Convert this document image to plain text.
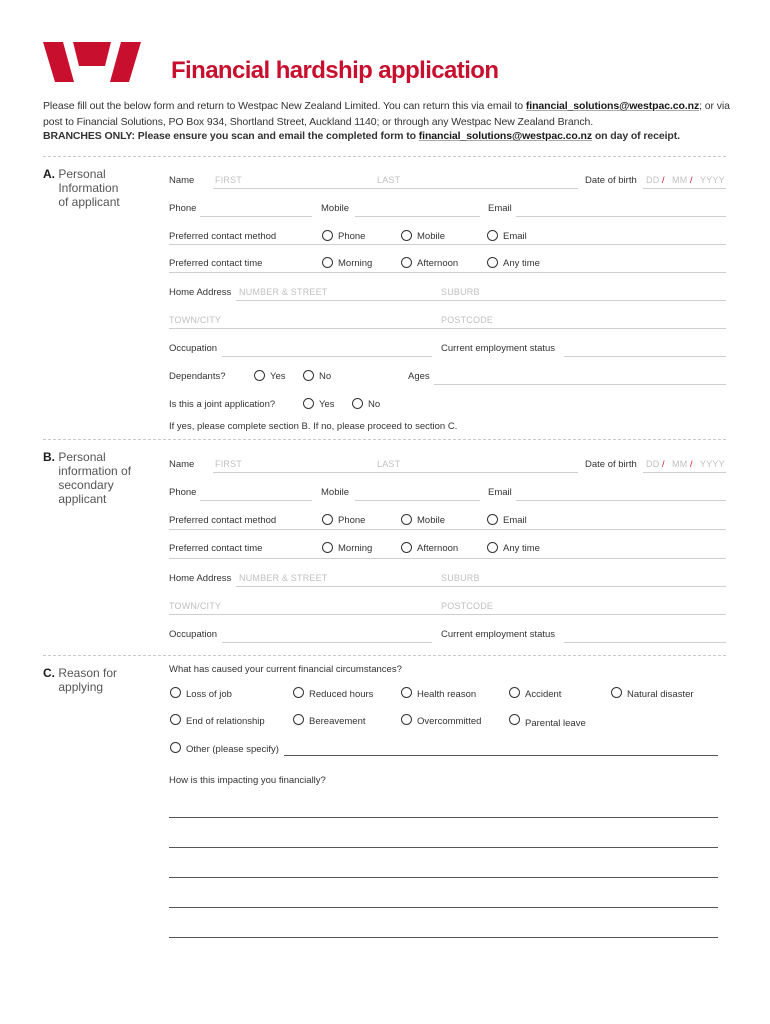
Financial hardship application
Please fill out the below form and return to Westpac New Zealand Limited. You can return this via email to financial_solutions@westpac.co.nz; or via post to Financial Solutions, PO Box 934, Shortland Street, Auckland 1140; or through any Westpac New Zealand Branch.
BRANCHES ONLY: Please ensure you scan and email the completed form to financial_solutions@westpac.co.nz on day of receipt.
A. Personal Information of applicant
Name FIRST	LAST	Date of birth DD / MM / YYYY
Phone	Mobile	Email
Preferred contact method	Phone	Mobile	Email
Preferred contact time	Morning	Afternoon	Any time
Home Address NUMBER & STREET	SUBURB
TOWN/CITY	POSTCODE
Occupation	Current employment status
Dependants?	Yes	No	Ages
Is this a joint application?	Yes	No
If yes, please complete section B. If no, please proceed to section C.
B. Personal information of secondary applicant
Name FIRST	LAST	Date of birth DD / MM / YYYY
Phone	Mobile	Email
Preferred contact method	Phone	Mobile	Email
Preferred contact time	Morning	Afternoon	Any time
Home Address NUMBER & STREET	SUBURB
TOWN/CITY	POSTCODE
Occupation	Current employment status
C. Reason for applying
What has caused your current financial circumstances?
Loss of job	Reduced hours	Health reason	Accident	Natural disaster
End of relationship	Bereavement	Overcommitted	Parental leave
Other (please specify)
How is this impacting you financially?
